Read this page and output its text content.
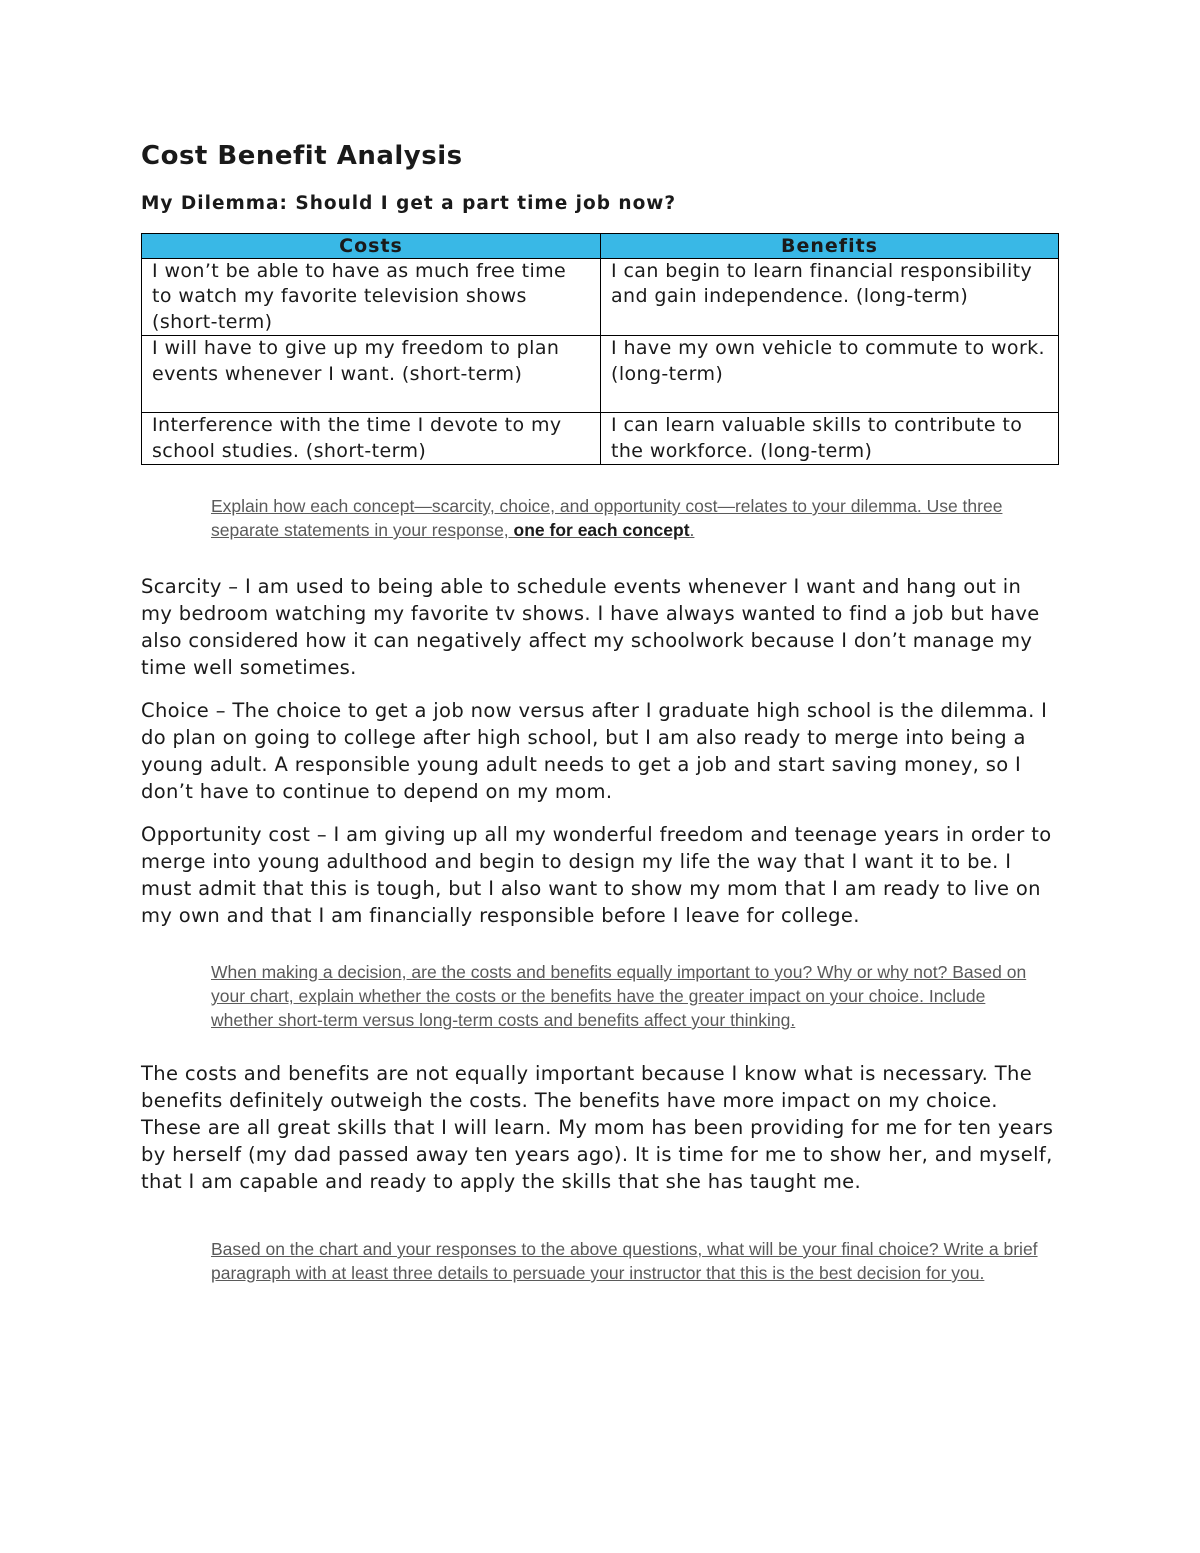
Cost Benefit Analysis
My Dilemma: Should I get a part time job now?
Costs	Benefits
I won’t be able to have as much free time to watch my favorite television shows (short-term)	I can begin to learn financial responsibility and gain independence. (long-term)
I will have to give up my freedom to plan events whenever I want. (short-term)	I have my own vehicle to commute to work. (long-term)
Interference with the time I devote to my school studies. (short-term)	I can learn valuable skills to contribute to the workforce. (long-term)
Explain how each concept—scarcity, choice, and opportunity cost—relates to your dilemma. Use three separate statements in your response, one for each concept.

Scarcity – I am used to being able to schedule events whenever I want and hang out in my bedroom watching my favorite tv shows. I have always wanted to find a job but have also considered how it can negatively affect my schoolwork because I don’t manage my time well sometimes.

Choice – The choice to get a job now versus after I graduate high school is the dilemma. I do plan on going to college after high school, but I am also ready to merge into being a young adult. A responsible young adult needs to get a job and start saving money, so I don’t have to continue to depend on my mom.

Opportunity cost – I am giving up all my wonderful freedom and teenage years in order to merge into young adulthood and begin to design my life the way that I want it to be. I must admit that this is tough, but I also want to show my mom that I am ready to live on my own and that I am financially responsible before I leave for college.

When making a decision, are the costs and benefits equally important to you? Why or why not? Based on your chart, explain whether the costs or the benefits have the greater impact on your choice. Include whether short-term versus long-term costs and benefits affect your thinking.

The costs and benefits are not equally important because I know what is necessary. The benefits definitely outweigh the costs. The benefits have more impact on my choice. These are all great skills that I will learn. My mom has been providing for me for ten years by herself (my dad passed away ten years ago). It is time for me to show her, and myself, that I am capable and ready to apply the skills that she has taught me.

Based on the chart and your responses to the above questions, what will be your final choice? Write a brief paragraph with at least three details to persuade your instructor that this is the best decision for you.
